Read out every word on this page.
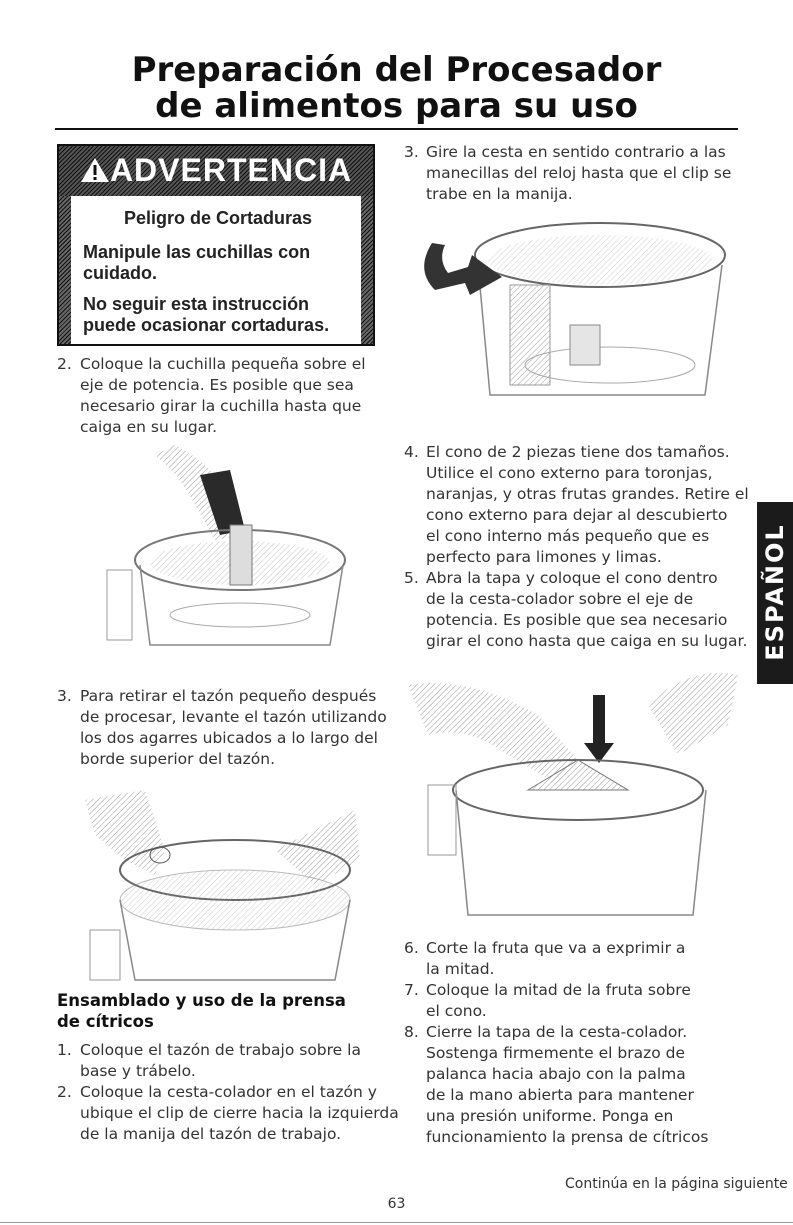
Preparación del Procesador
de alimentos para su uso
ADVERTENCIA
Peligro de Cortaduras
Manipule las cuchillas con cuidado.
No seguir esta instrucción puede ocasionar cortaduras.
2. Coloque la cuchilla pequeña sobre el
eje de potencia. Es posible que sea
necesario girar la cuchilla hasta que
caiga en su lugar.

3. Para retirar el tazón pequeño después
de procesar, levante el tazón utilizando
los dos agarres ubicados a lo largo del
borde superior del tazón.

Ensamblado y uso de la prensa
de cítricos
1. Coloque el tazón de trabajo sobre la
base y trábelo.

2. Coloque la cesta-colador en el tazón y
ubique el clip de cierre hacia la izquierda
de la manija del tazón de trabajo.

3. Gire la cesta en sentido contrario a las
manecillas del reloj hasta que el clip se
trabe en la manija.

4. El cono de 2 piezas tiene dos tamaños.
Utilice el cono externo para toronjas,
naranjas, y otras frutas grandes. Retire el
cono externo para dejar al descubierto
el cono interno más pequeño que es
perfecto para limones y limas.

5. Abra la tapa y coloque el cono dentro
de la cesta-colador sobre el eje de
potencia. Es posible que sea necesario
girar el cono hasta que caiga en su lugar.

6. Corte la fruta que va a exprimir a
la mitad.

7. Coloque la mitad de la fruta sobre
el cono.

8. Cierre la tapa de la cesta-colador.
Sostenga firmemente el brazo de
palanca hacia abajo con la palma
de la mano abierta para mantener
una presión uniforme. Ponga en
funcionamiento la prensa de cítricos

ESPAÑOL
Continúa en la página siguiente
63
